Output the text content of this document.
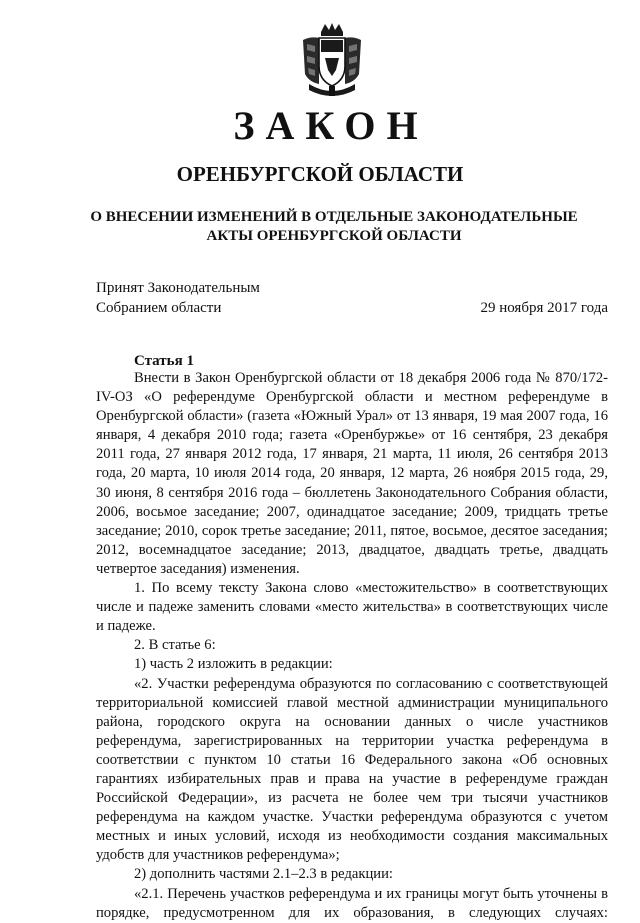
ЗАКОН
ОРЕНБУРГСКОЙ ОБЛАСТИ
О ВНЕСЕНИИ ИЗМЕНЕНИЙ В ОТДЕЛЬНЫЕ ЗАКОНОДАТЕЛЬНЫЕ
АКТЫ ОРЕНБУРГСКОЙ ОБЛАСТИ
Принят Законодательным
Собранием области	29 ноября 2017 года
Статья 1

Внести в Закон Оренбургской области от 18 декабря 2006 года № 870/172-IV-ОЗ «О референдуме Оренбургской области и местном референдуме в Оренбургской области» (газета «Южный Урал» от 13 января, 19 мая 2007 года, 16 января, 4 декабря 2010 года; газета «Оренбуржье» от 16 сентября, 23 декабря 2011 года, 27 января 2012 года, 17 января, 21 марта, 11 июля, 26 сентября 2013 года, 20 марта, 10 июля 2014 года, 20 января, 12 марта, 26 ноября 2015 года, 29, 30 июня, 8 сентября 2016 года – бюллетень Законодательного Собрания области, 2006, восьмое заседание; 2007, одинадцатое заседание; 2009, тридцать третье заседание; 2010, сорок третье заседание; 2011, пятое, восьмое, десятое заседания; 2012, восемнадцатое заседание; 2013, двадцатое, двадцать третье, двадцать четвертое заседания) изменения.

1. По всему тексту Закона слово «местожительство» в соответствующих числе и падеже заменить словами «место жительства» в соответствующих числе и падеже.

2. В статье 6:

1) часть 2 изложить в редакции:

«2. Участки референдума образуются по согласованию с соответствующей территориальной комиссией главой местной администрации муниципального района, городского округа на основании данных о числе участников референдума, зарегистрированных на территории участка референдума в соответствии с пунктом 10 статьи 16 Федерального закона «Об основных гарантиях избирательных прав и права на участие в референдуме граждан Российской Федерации», из расчета не более чем три тысячи участников референдума на каждом участке. Участки референдума образуются с учетом местных и иных условий, исходя из необходимости создания максимальных удобств для участников референдума»;

2) дополнить частями 2.1–2.3 в редакции:

«2.1. Перечень участков референдума и их границы могут быть уточнены в порядке, предусмотренном для их образования, в следующих случаях:
